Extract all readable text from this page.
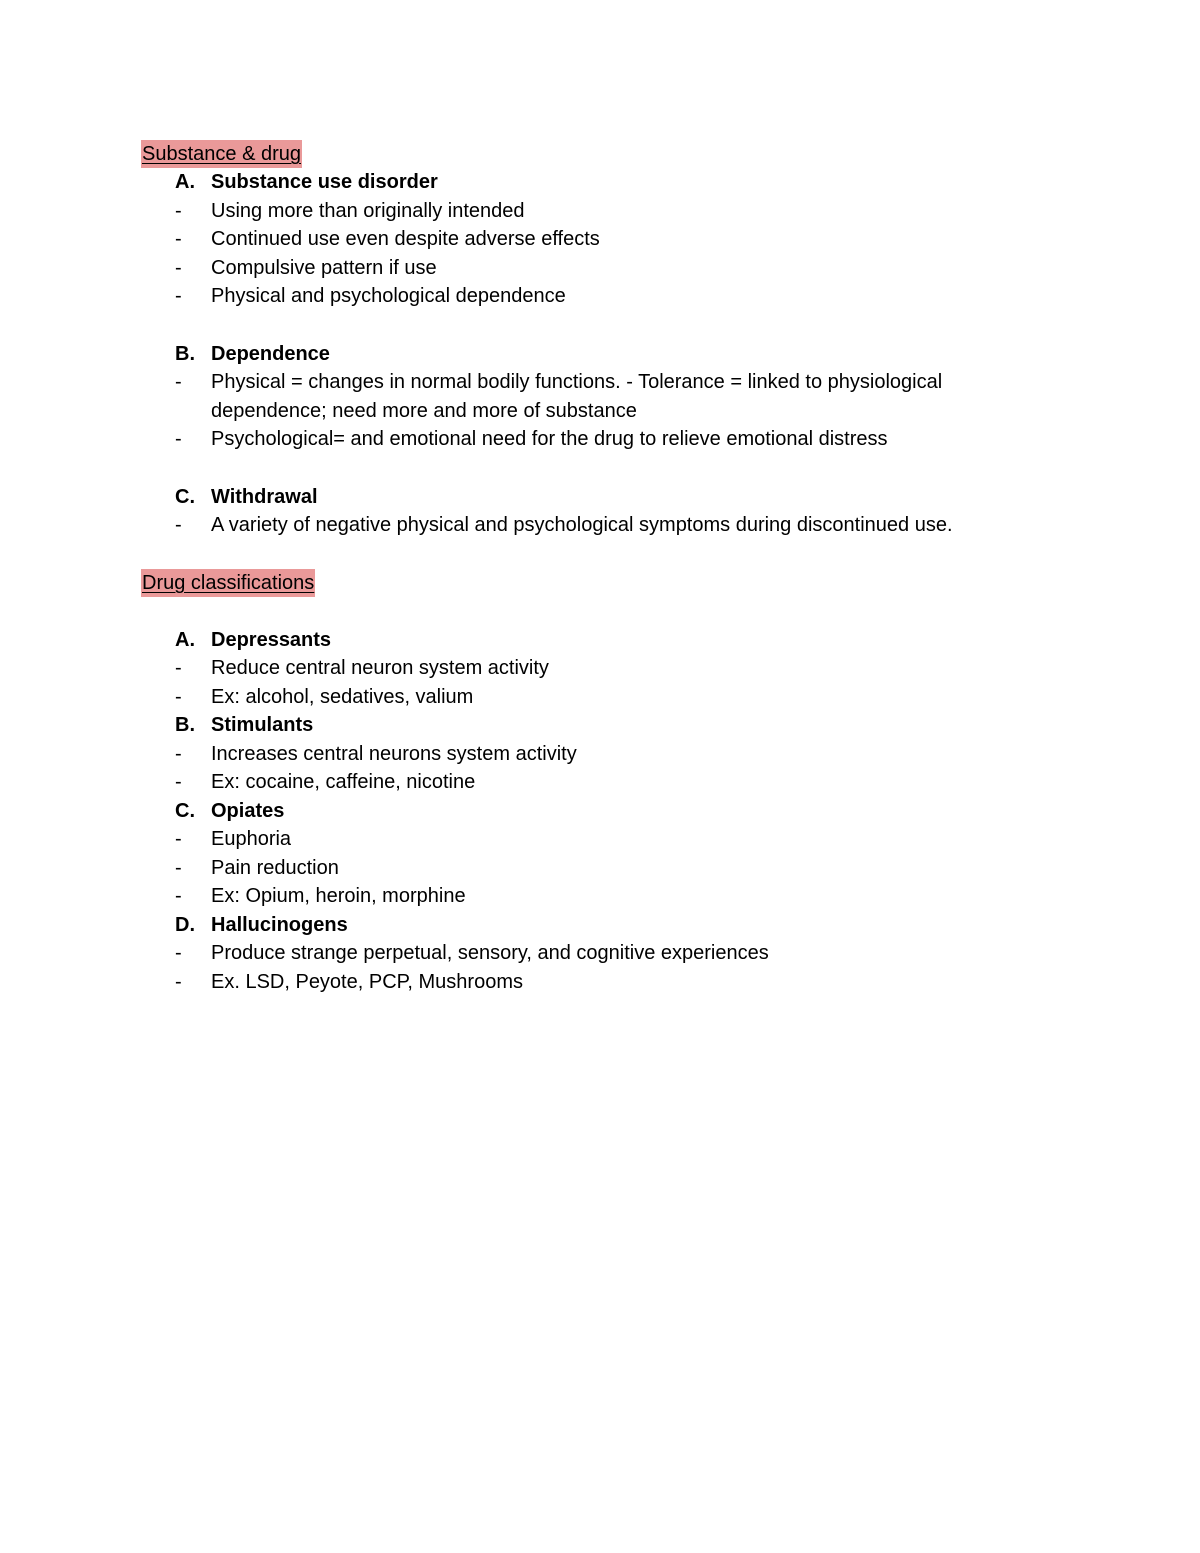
Substance & drug
A. Substance use disorder
- Using more than originally intended
- Continued use even despite adverse effects
- Compulsive pattern if use
- Physical and psychological dependence
B. Dependence
- Physical = changes in normal bodily functions. - Tolerance = linked to physiological dependence; need more and more of substance
- Psychological= and emotional need for the drug to relieve emotional distress
C. Withdrawal
- A variety of negative physical and psychological symptoms during discontinued use.
Drug classifications
A. Depressants
- Reduce central neuron system activity
- Ex: alcohol, sedatives, valium
B. Stimulants
- Increases central neurons system activity
- Ex: cocaine, caffeine, nicotine
C. Opiates
- Euphoria
- Pain reduction
- Ex: Opium, heroin, morphine
D. Hallucinogens
- Produce strange perpetual, sensory, and cognitive experiences
- Ex. LSD, Peyote, PCP, Mushrooms
